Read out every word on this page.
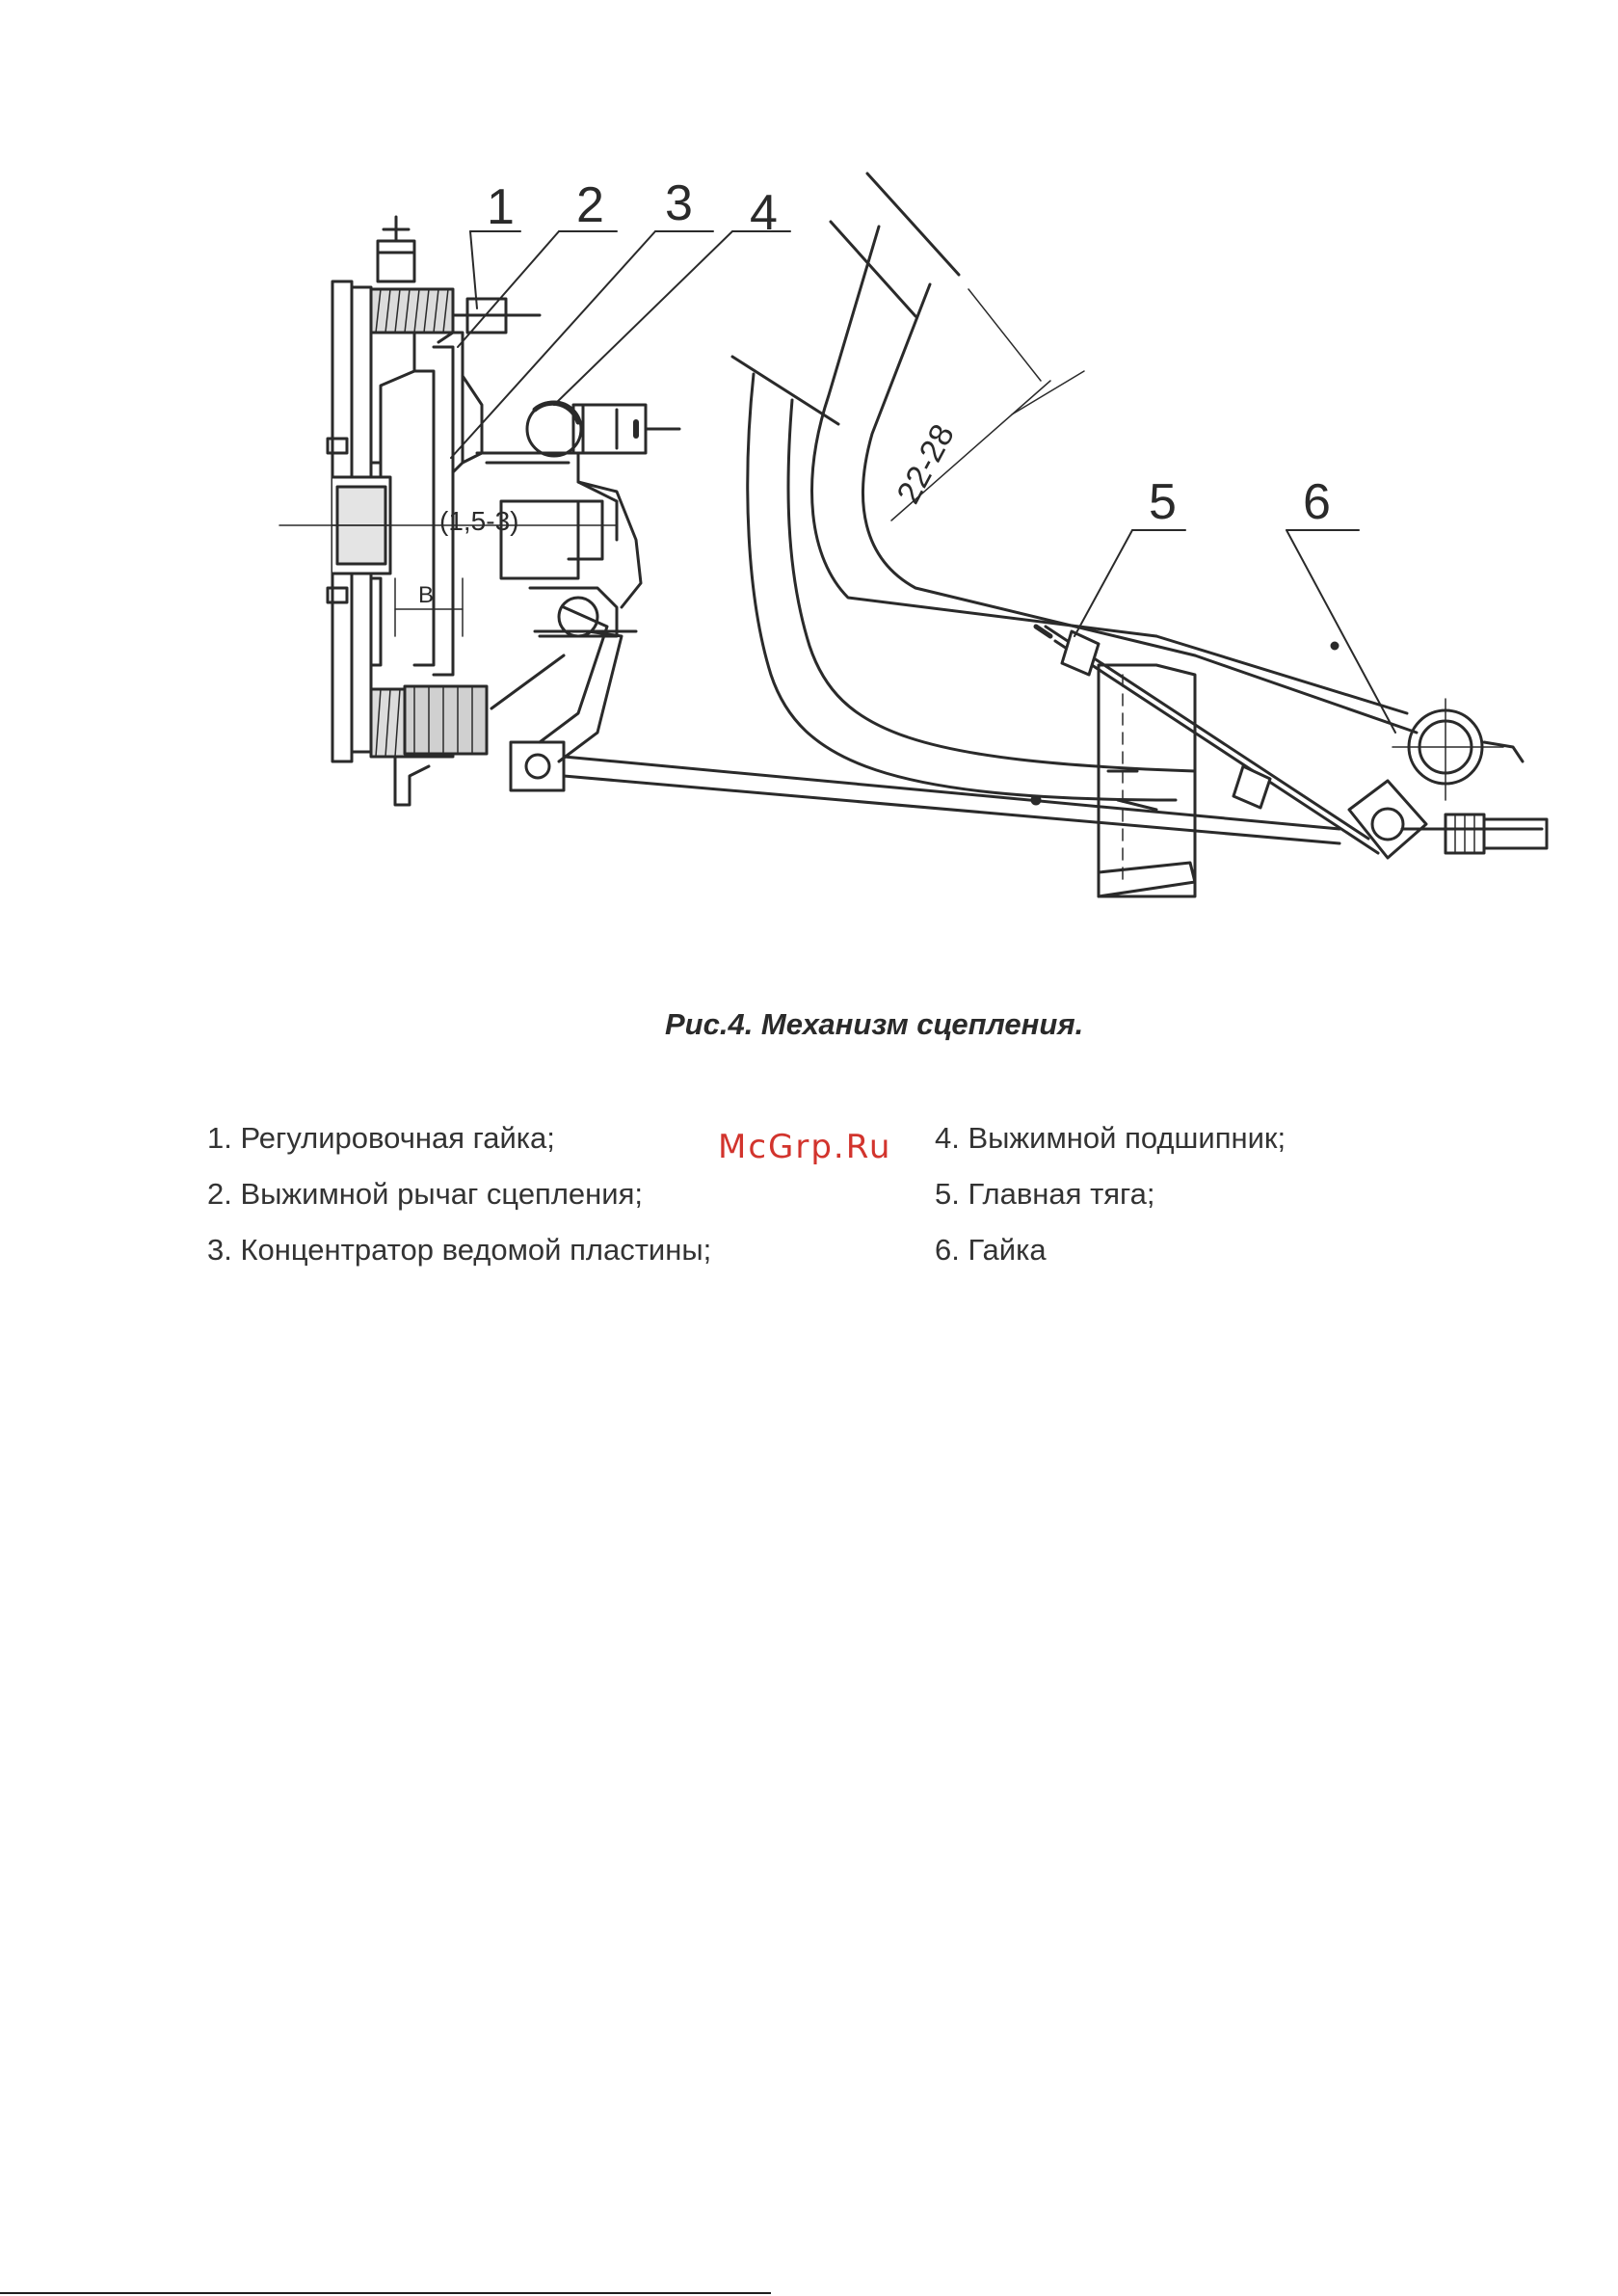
1 2 3 4
5	6
22-28
B
(1,5-3)
Рис.4. Механизм сцепления.
1. Регулировочная гайка;
2. Выжимной рычаг сцепления;
3. Концентратор ведомой пластины;
4. Выжимной подшипник;
5. Главная тяга;
6. Гайка
McGrp.Ru
